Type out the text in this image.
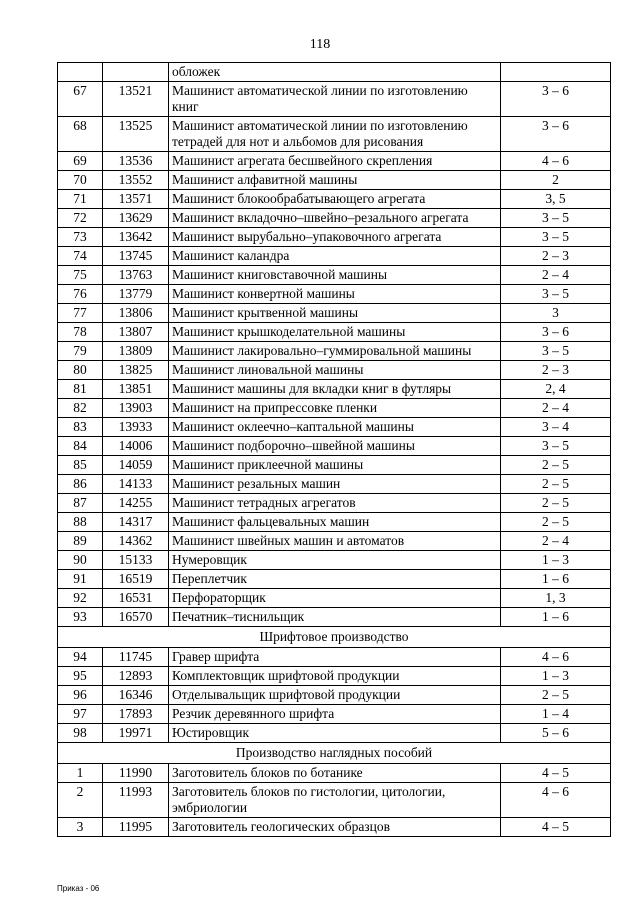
118
		обложек	
67	13521	Машинист автоматической линии по изготовлению книг	3 – 6
68	13525	Машинист автоматической линии по изготовлению тетрадей для нот и альбомов для рисования	3 – 6
69	13536	Машинист агрегата бесшвейного скрепления	4 – 6
70	13552	Машинист алфавитной машины	2
71	13571	Машинист блокообрабатывающего агрегата	3, 5
72	13629	Машинист вкладочно–швейно–резального агрегата	3 – 5
73	13642	Машинист вырубально–упаковочного агрегата	3 – 5
74	13745	Машинист каландра	2 – 3
75	13763	Машинист книговставочной машины	2 – 4
76	13779	Машинист конвертной машины	3 – 5
77	13806	Машинист крытвенной машины	3
78	13807	Машинист крышкоделательной машины	3 – 6
79	13809	Машинист лакировально–гуммировальной машины	3 – 5
80	13825	Машинист линовальной машины	2 – 3
81	13851	Машинист машины для вкладки книг в футляры	2, 4
82	13903	Машинист на припрессовке пленки	2 – 4
83	13933	Машинист оклеечно–каптальной машины	3 – 4
84	14006	Машинист подборочно–швейной машины	3 – 5
85	14059	Машинист приклеечной машины	2 – 5
86	14133	Машинист резальных машин	2 – 5
87	14255	Машинист тетрадных агрегатов	2 – 5
88	14317	Машинист фальцевальных машин	2 – 5
89	14362	Машинист швейных машин и автоматов	2 – 4
90	15133	Нумеровщик	1 – 3
91	16519	Переплетчик	1 – 6
92	16531	Перфораторщик	1, 3
93	16570	Печатник–тиснильщик	1 – 6
Шрифтовое производство			
94	11745	Гравер шрифта	4 – 6
95	12893	Комплектовщик шрифтовой продукции	1 – 3
96	16346	Отделывальщик шрифтовой продукции	2 – 5
97	17893	Резчик деревянного шрифта	1 – 4
98	19971	Юстировщик	5 – 6
Производство наглядных пособий			
1	11990	Заготовитель блоков по ботанике	4 – 5
2	11993	Заготовитель блоков по гистологии, цитологии, эмбриологии	4 – 6
3	11995	Заготовитель геологических образцов	4 – 5
Приказ - 06
